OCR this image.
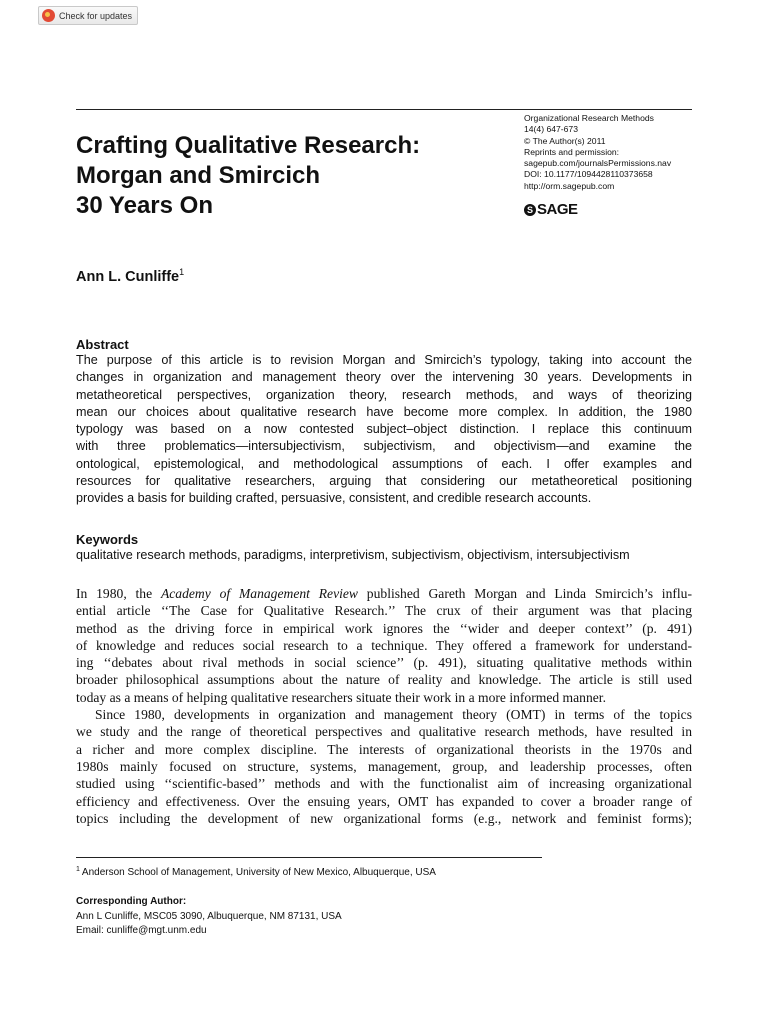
Check for updates
Crafting Qualitative Research:
Morgan and Smircich
30 Years On
Organizational Research Methods
14(4) 647-673
© The Author(s) 2011
Reprints and permission:
sagepub.com/journalsPermissions.nav
DOI: 10.1177/1094428110373658
http://orm.sagepub.com
S SAGE
Ann L. Cunliffe$^1$
Abstract
The purpose of this article is to revision Morgan and Smircich’s typology, taking into account the
changes in organization and management theory over the intervening 30 years. Developments in
metatheoretical perspectives, organization theory, research methods, and ways of theorizing
mean our choices about qualitative research have become more complex. In addition, the 1980
typology was based on a now contested subject–object distinction. I replace this continuum
with three problematics—intersubjectivism, subjectivism, and objectivism—and examine the
ontological, epistemological, and methodological assumptions of each. I offer examples and
resources for qualitative researchers, arguing that considering our metatheoretical positioning
provides a basis for building crafted, persuasive, consistent, and credible research accounts.
Keywords
qualitative research methods, paradigms, interpretivism, subjectivism, objectivism, intersubjectivism
In 1980, the Academy of Management Review published Gareth Morgan and Linda Smircich’s influ-
ential article ‘‘The Case for Qualitative Research.’’ The crux of their argument was that placing
method as the driving force in empirical work ignores the ‘‘wider and deeper context’’ (p. 491)
of knowledge and reduces social research to a technique. They offered a framework for understand-
ing ‘‘debates about rival methods in social science’’ (p. 491), situating qualitative methods within
broader philosophical assumptions about the nature of reality and knowledge. The article is still used
today as a means of helping qualitative researchers situate their work in a more informed manner.
Since 1980, developments in organization and management theory (OMT) in terms of the topics
we study and the range of theoretical perspectives and qualitative research methods, have resulted in
a richer and more complex discipline. The interests of organizational theorists in the 1970s and
1980s mainly focused on structure, systems, management, group, and leadership processes, often
studied using ‘‘scientific-based’’ methods and with the functionalist aim of increasing organizational
efficiency and effectiveness. Over the ensuing years, OMT has expanded to cover a broader range of
topics including the development of new organizational forms (e.g., network and feminist forms);
$^1$ Anderson School of Management, University of New Mexico, Albuquerque, USA
Corresponding Author:
Ann L Cunliffe, MSC05 3090, Albuquerque, NM 87131, USA
Email: cunliffe@mgt.unm.edu
